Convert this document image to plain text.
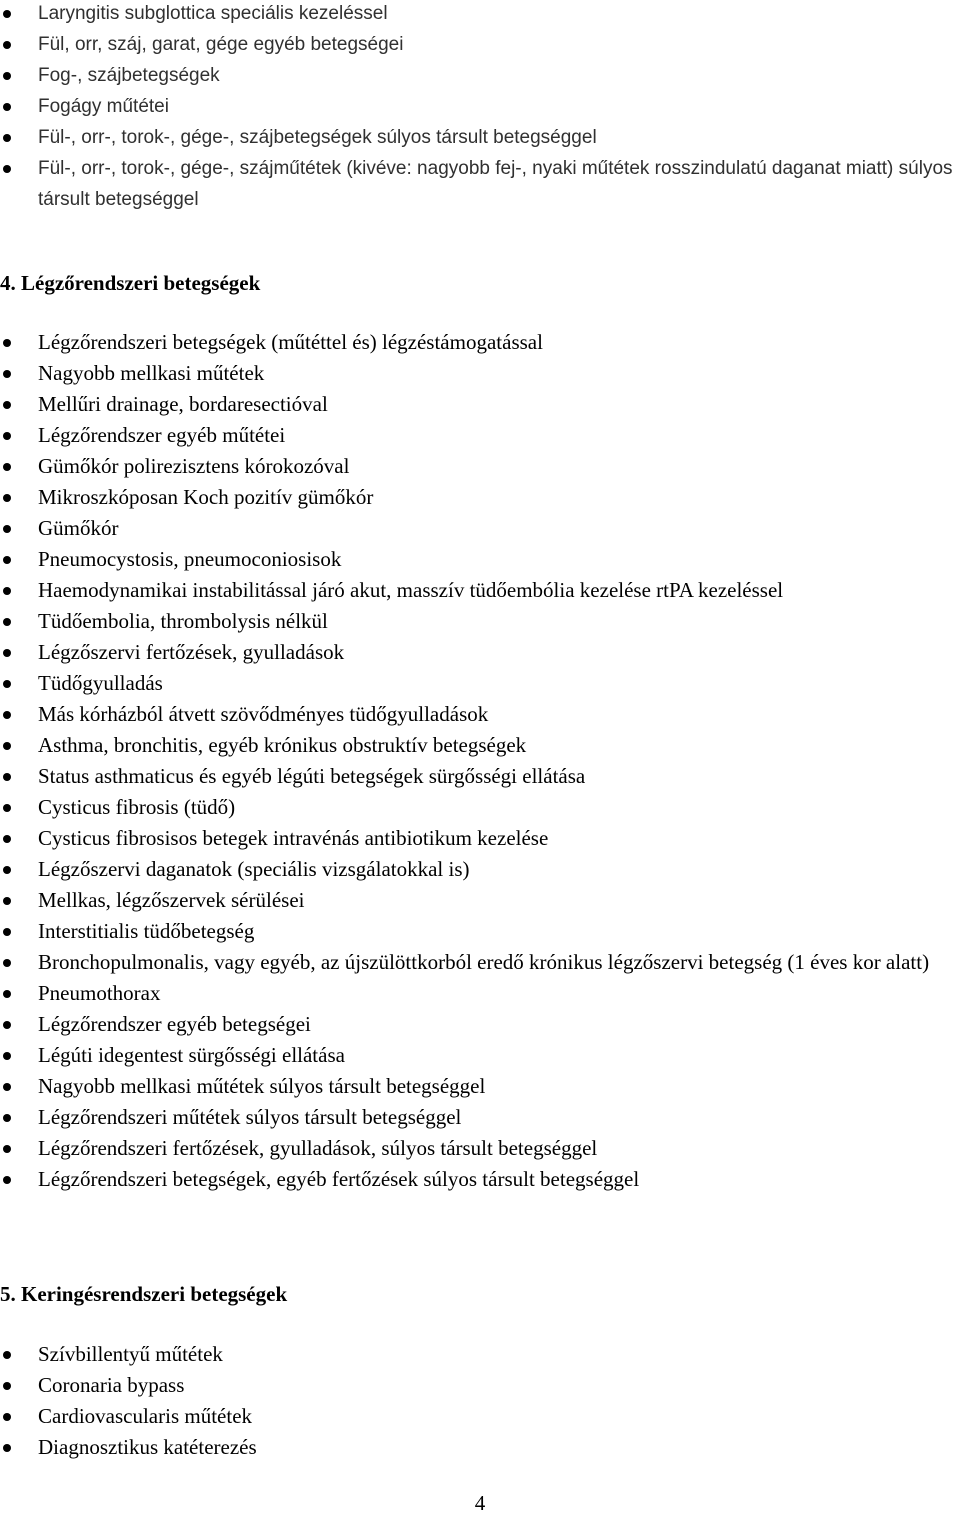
Laryngitis subglottica speciális kezeléssel
Fül, orr, száj, garat, gége egyéb betegségei
Fog-, szájbetegségek
Fogágy műtétei
Fül-, orr-, torok-, gége-, szájbetegségek súlyos társult betegséggel
Fül-, orr-, torok-, gége-, szájműtétek (kivéve: nagyobb fej-, nyaki műtétek rosszindulatú daganat miatt) súlyos társult betegséggel
4. Légzőrendszeri betegségek
Légzőrendszeri betegségek (műtéttel és) légzéstámogatással
Nagyobb mellkasi műtétek
Mellűri drainage, bordaresectióval
Légzőrendszer egyéb műtétei
Gümőkór polirezisztens kórokozóval
Mikroszkóposan Koch pozitív gümőkór
Gümőkór
Pneumocystosis, pneumoconiosisok
Haemodynamikai instabilitással járó akut, masszív tüdőembólia kezelése rtPA kezeléssel
Tüdőembolia, thrombolysis nélkül
Légzőszervi fertőzések, gyulladások
Tüdőgyulladás
Más kórházból átvett szövődményes tüdőgyulladások
Asthma, bronchitis, egyéb krónikus obstruktív betegségek
Status asthmaticus és egyéb légúti betegségek sürgősségi ellátása
Cysticus fibrosis (tüdő)
Cysticus fibrosisos betegek intravénás antibiotikum kezelése
Légzőszervi daganatok (speciális vizsgálatokkal is)
Mellkas, légzőszervek sérülései
Interstitialis tüdőbetegség
Bronchopulmonalis, vagy egyéb, az újszülöttkorból eredő krónikus légzőszervi betegség (1 éves kor alatt)
Pneumothorax
Légzőrendszer egyéb betegségei
Légúti idegentest sürgősségi ellátása
Nagyobb mellkasi műtétek súlyos társult betegséggel
Légzőrendszeri műtétek súlyos társult betegséggel
Légzőrendszeri fertőzések, gyulladások, súlyos társult betegséggel
Légzőrendszeri betegségek, egyéb fertőzések súlyos társult betegséggel
5. Keringésrendszeri betegségek
Szívbillentyű műtétek
Coronaria bypass
Cardiovascularis műtétek
Diagnosztikus katéterezés
4
